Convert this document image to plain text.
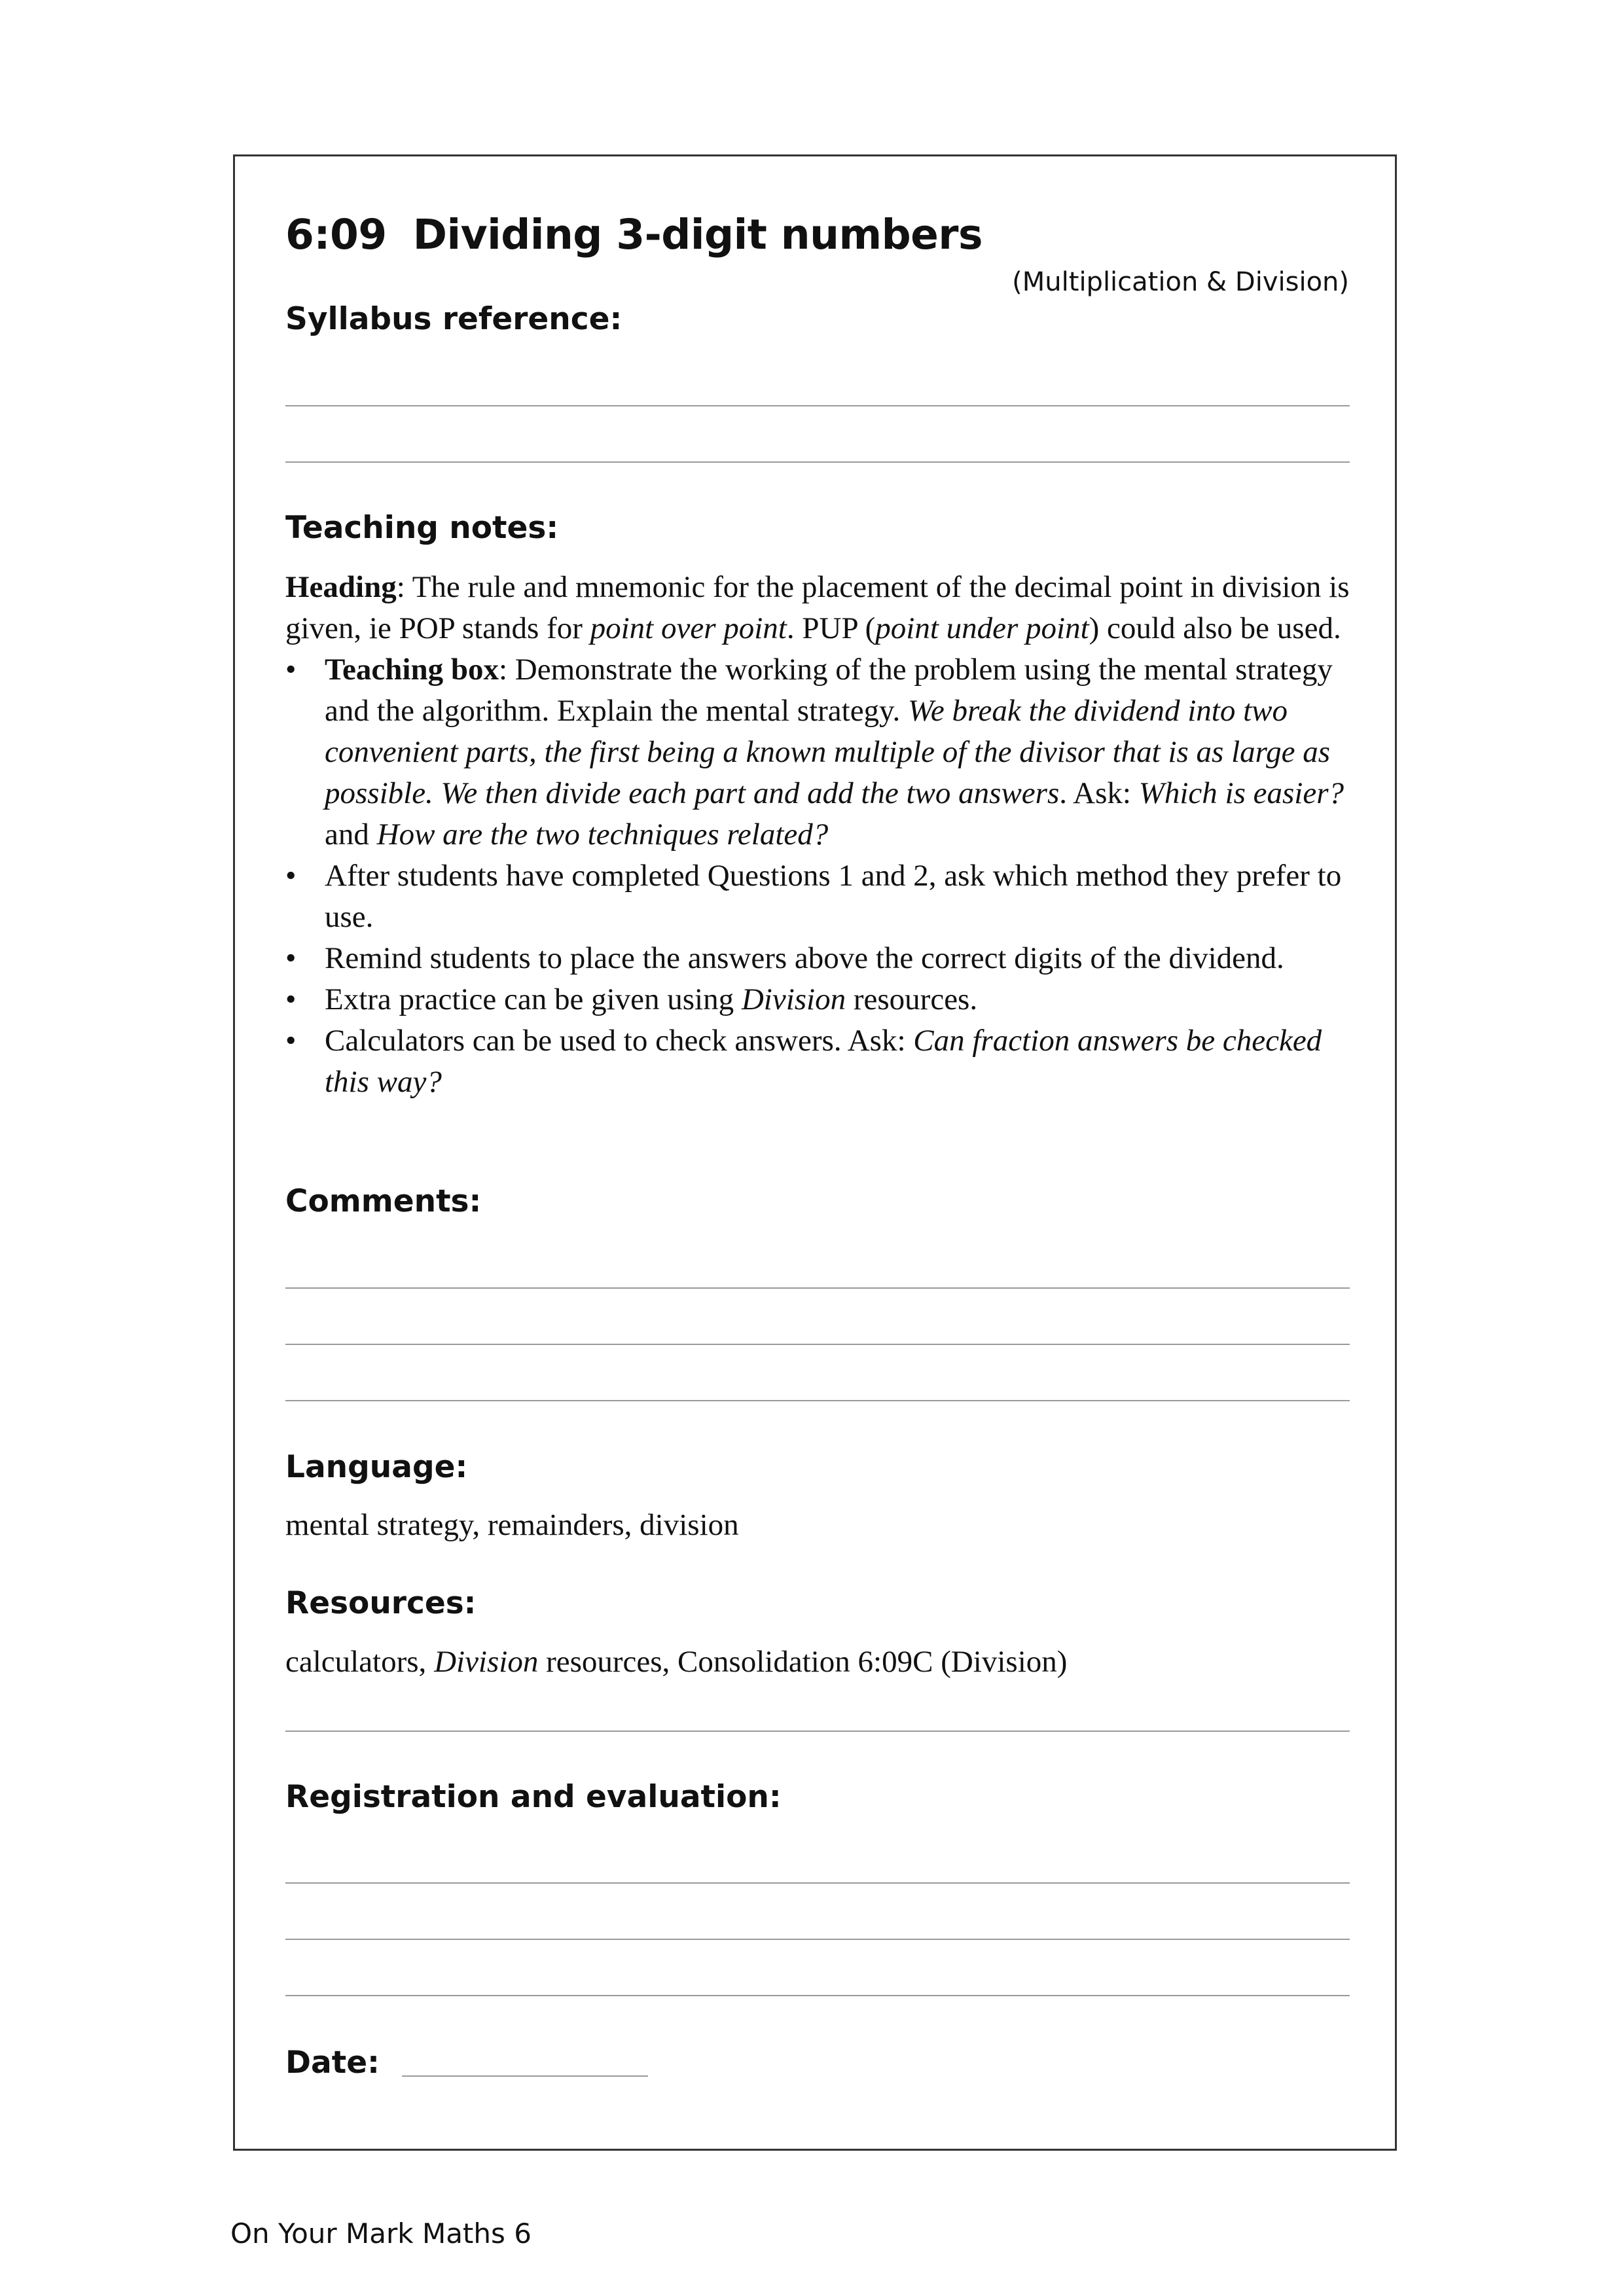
6:09 Dividing 3-digit numbers
(Multiplication & Division)
Syllabus reference:
Teaching notes:

Heading: The rule and mnemonic for the placement of the decimal point in division is given, ie POP stands for point over point. PUP (point under point) could also be used.

• Teaching box: Demonstrate the working of the problem using the mental strategy and the algorithm. Explain the mental strategy. We break the dividend into two convenient parts, the first being a known multiple of the divisor that is as large as possible. We then divide each part and add the two answers. Ask: Which is easier? and How are the two techniques related?
• After students have completed Questions 1 and 2, ask which method they prefer to use.
• Remind students to place the answers above the correct digits of the dividend.
• Extra practice can be given using Division resources.
• Calculators can be used to check answers. Ask: Can fraction answers be checked this way?
Comments:
Language:
mental strategy, remainders, division
Resources:
calculators, Division resources, Consolidation 6:09C (Division)
Registration and evaluation:
Date:
On Your Mark Maths 6
